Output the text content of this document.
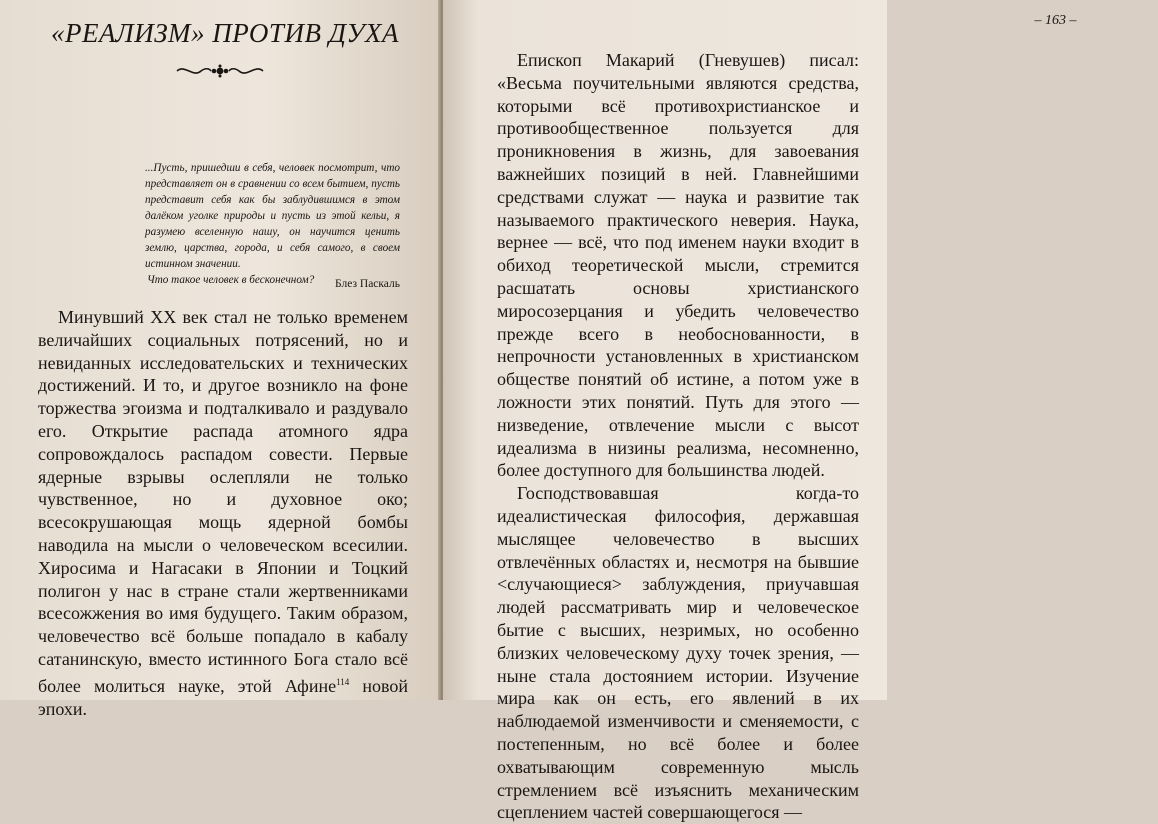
«РЕАЛИЗМ» ПРОТИВ ДУХА

...Пусть, пришедши в себя, человек посмотрит, что представляет он в сравнении со всем бытием, пусть представит себя как бы заблудившимся в этом далёком уголке природы и пусть из этой кельи, я разумею вселенную нашу, он научится ценить землю, царства, города, и себя самого, в своем истинном значении.

Что такое человек в бесконечном?	Блез Паскаль

Минувший XX век стал не только временем величайших социальных потрясений, но и невиданных исследовательских и технических достижений. И то, и другое возникло на фоне торжества эгоизма и подталкивало и раздувало его. Открытие распада атомного ядра сопровождалось распадом совести. Первые ядерные взрывы ослепляли не только чувственное, но и духовное око; всесокрушающая мощь ядерной бомбы наводила на мысли о человеческом всесилии. Хиросима и Нагасаки в Японии и Тоцкий полигон у нас в стране стали жертвенниками всесожжения во имя будущего. Таким образом, человечество всё больше попадало в кабалу сатанинскую, вместо истинного Бога стало всё более молиться науке, этой Афине$^{114}$ новой эпохи.

– 163 –

Епископ Макарий (Гневушев) писал: «Весьма поучительными являются средства, которыми всё противохристианское и противообщественное пользуется для проникновения в жизнь, для завоевания важнейших позиций в ней. Главнейшими средствами служат — наука и развитие так называемого практического неверия. Наука, вернее — всё, что под именем науки входит в обиход теоретической мысли, стремится расшатать основы христианского миросозерцания и убедить человечество прежде всего в необоснованности, в непрочности установленных в христианском обществе понятий об истине, а потом уже в ложности этих понятий. Путь для этого — низведение, отвлечение мысли с высот идеализма в низины реализма, несомненно, более доступного для большинства людей.

Господствовавшая когда-то идеалистическая философия, державшая мыслящее человечество в высших отвлечённых областях и, несмотря на бывшие <случающиеся> заблуждения, приучавшая людей рассматривать мир и человеческое бытие с высших, незримых, но особенно близких человеческому духу точек зрения, — ныне стала достоянием истории. Изучение мира как он есть, его явлений в их наблюдаемой изменчивости и сменяемости, с постепенным, но всё более и более охватывающим современную мысль стремлением всё изъяснить механическим сцеплением частей совершающегося —
